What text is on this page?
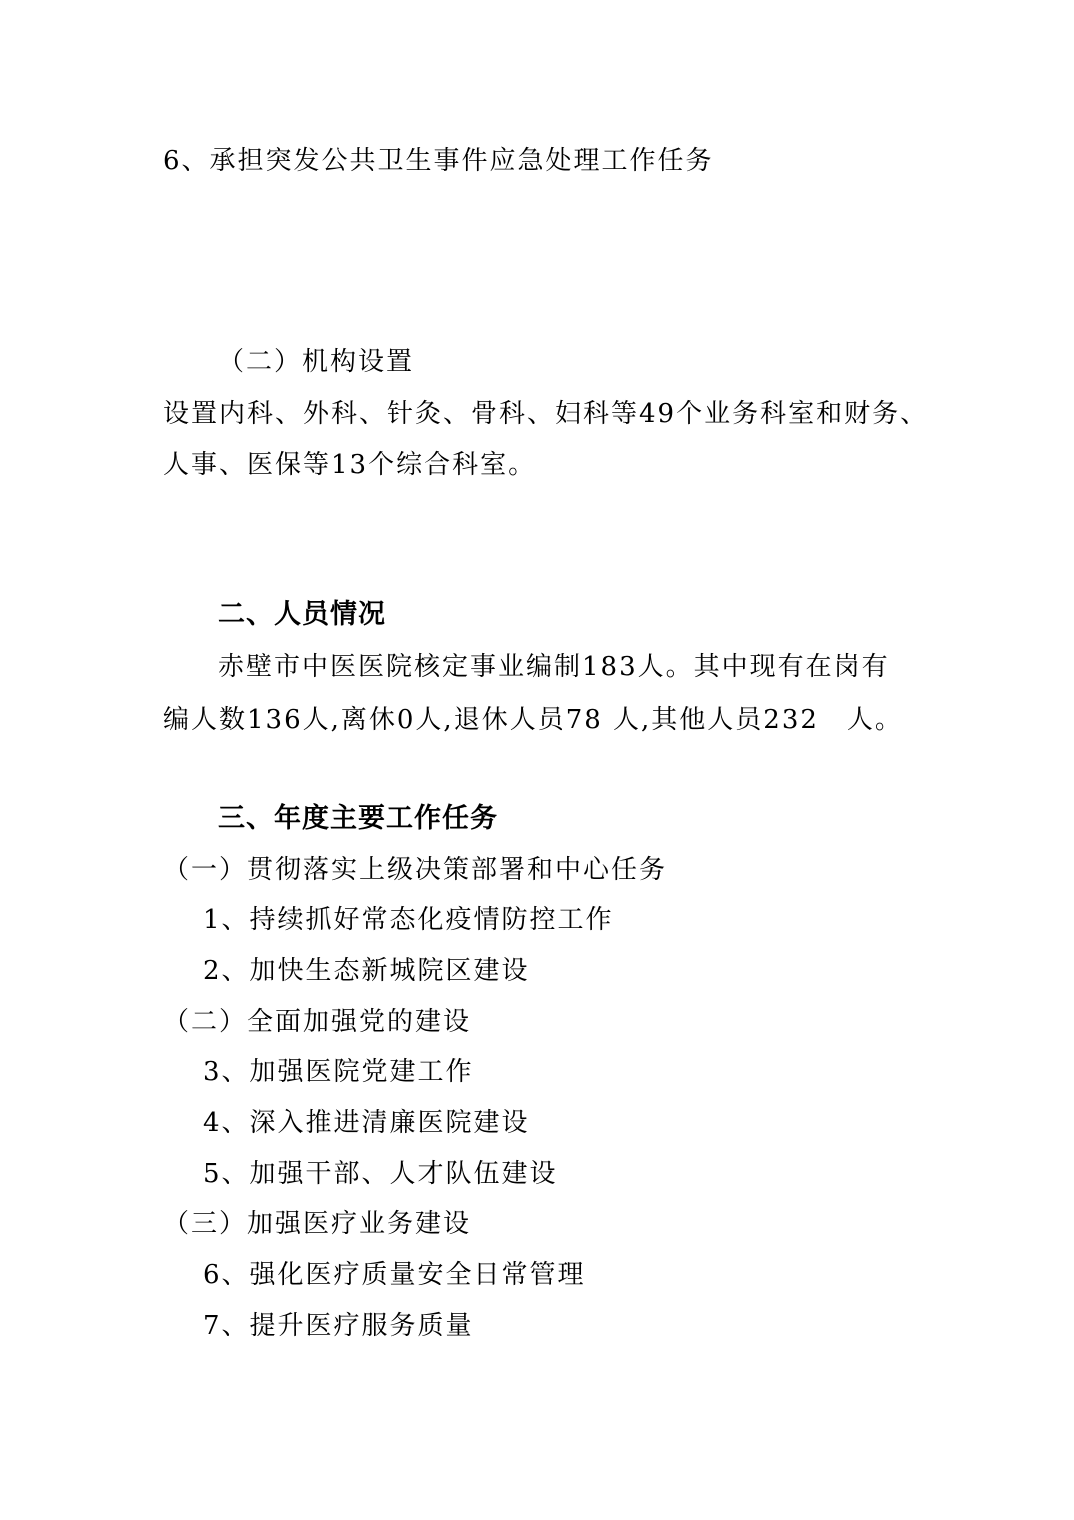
6、承担突发公共卫生事件应急处理工作任务
（二）机构设置
设置内科、外科、针灸、骨科、妇科等49个业务科室和财务、
人事、医保等13个综合科室。
二、人员情况
赤壁市中医医院核定事业编制183人。其中现有在岗有
编人数136人,离休0人,退休人员78 人,其他人员232　人。
三、年度主要工作任务
（一）贯彻落实上级决策部署和中心任务
1、持续抓好常态化疫情防控工作
2、加快生态新城院区建设
（二）全面加强党的建设
3、加强医院党建工作
4、深入推进清廉医院建设
5、加强干部、人才队伍建设
（三）加强医疗业务建设
6、强化医疗质量安全日常管理
7、提升医疗服务质量
